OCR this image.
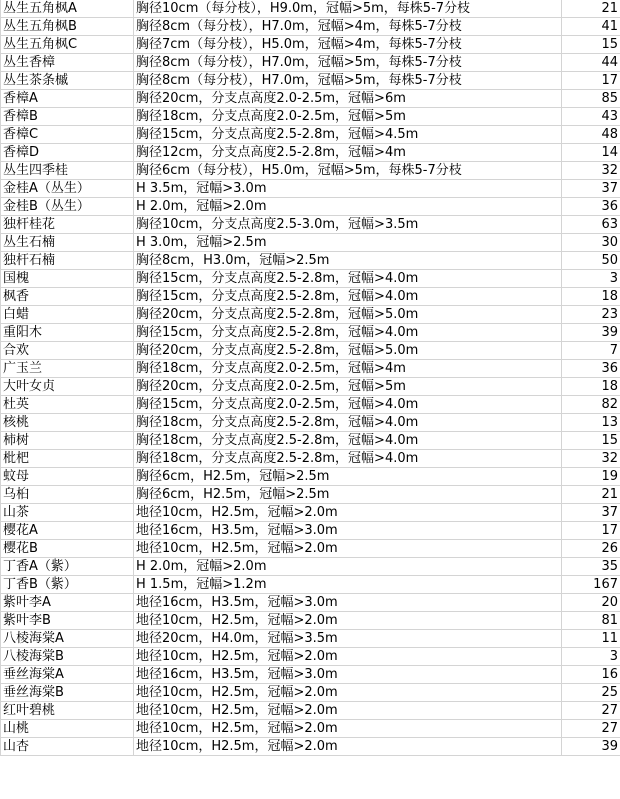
丛生五角枫A	胸径10cm（每分枝），H9.0m，冠幅>5m，每株5-7分枝	21
丛生五角枫B	胸径8cm（每分枝），H7.0m，冠幅>4m，每株5-7分枝	41
丛生五角枫C	胸径7cm（每分枝），H5.0m，冠幅>4m，每株5-7分枝	15
丛生香樟	胸径8cm（每分枝），H7.0m，冠幅>5m，每株5-7分枝	44
丛生茶条槭	胸径8cm（每分枝），H7.0m，冠幅>5m，每株5-7分枝	17
香樟A	胸径20cm，分支点高度2.0-2.5m，冠幅>6m	85
香樟B	胸径18cm，分支点高度2.0-2.5m，冠幅>5m	43
香樟C	胸径15cm，分支点高度2.5-2.8m，冠幅>4.5m	48
香樟D	胸径12cm，分支点高度2.5-2.8m，冠幅>4m	14
丛生四季桂	胸径6cm（每分枝），H5.0m，冠幅>5m，每株5-7分枝	32
金桂A（丛生）	H 3.5m，冠幅>3.0m	37
金桂B（丛生）	H 2.0m，冠幅>2.0m	36
独杆桂花	胸径10cm，分支点高度2.5-3.0m，冠幅>3.5m	63
丛生石楠	H 3.0m，冠幅>2.5m	30
独杆石楠	胸径8cm，H3.0m，冠幅>2.5m	50
国槐	胸径15cm，分支点高度2.5-2.8m，冠幅>4.0m	3
枫香	胸径15cm，分支点高度2.5-2.8m，冠幅>4.0m	18
白蜡	胸径20cm，分支点高度2.5-2.8m，冠幅>5.0m	23
重阳木	胸径15cm，分支点高度2.5-2.8m，冠幅>4.0m	39
合欢	胸径20cm，分支点高度2.5-2.8m，冠幅>5.0m	7
广玉兰	胸径18cm，分支点高度2.0-2.5m，冠幅>4m	36
大叶女贞	胸径20cm，分支点高度2.0-2.5m，冠幅>5m	18
杜英	胸径15cm，分支点高度2.0-2.5m，冠幅>4.0m	82
核桃	胸径18cm，分支点高度2.5-2.8m，冠幅>4.0m	13
柿树	胸径18cm，分支点高度2.5-2.8m，冠幅>4.0m	15
枇杷	胸径18cm，分支点高度2.5-2.8m，冠幅>4.0m	32
蚊母	胸径6cm，H2.5m，冠幅>2.5m	19
乌桕	胸径6cm，H2.5m，冠幅>2.5m	21
山茶	地径10cm，H2.5m，冠幅>2.0m	37
樱花A	地径16cm，H3.5m，冠幅>3.0m	17
樱花B	地径10cm，H2.5m，冠幅>2.0m	26
丁香A（紫）	H 2.0m，冠幅>2.0m	35
丁香B（紫）	H 1.5m，冠幅>1.2m	167
紫叶李A	地径16cm，H3.5m，冠幅>3.0m	20
紫叶李B	地径10cm，H2.5m，冠幅>2.0m	81
八棱海棠A	地径20cm，H4.0m，冠幅>3.5m	11
八棱海棠B	地径10cm，H2.5m，冠幅>2.0m	3
垂丝海棠A	地径16cm，H3.5m，冠幅>3.0m	16
垂丝海棠B	地径10cm，H2.5m，冠幅>2.0m	25
红叶碧桃	地径10cm，H2.5m，冠幅>2.0m	27
山桃	地径10cm，H2.5m，冠幅>2.0m	27
山杏	地径10cm，H2.5m，冠幅>2.0m	39
